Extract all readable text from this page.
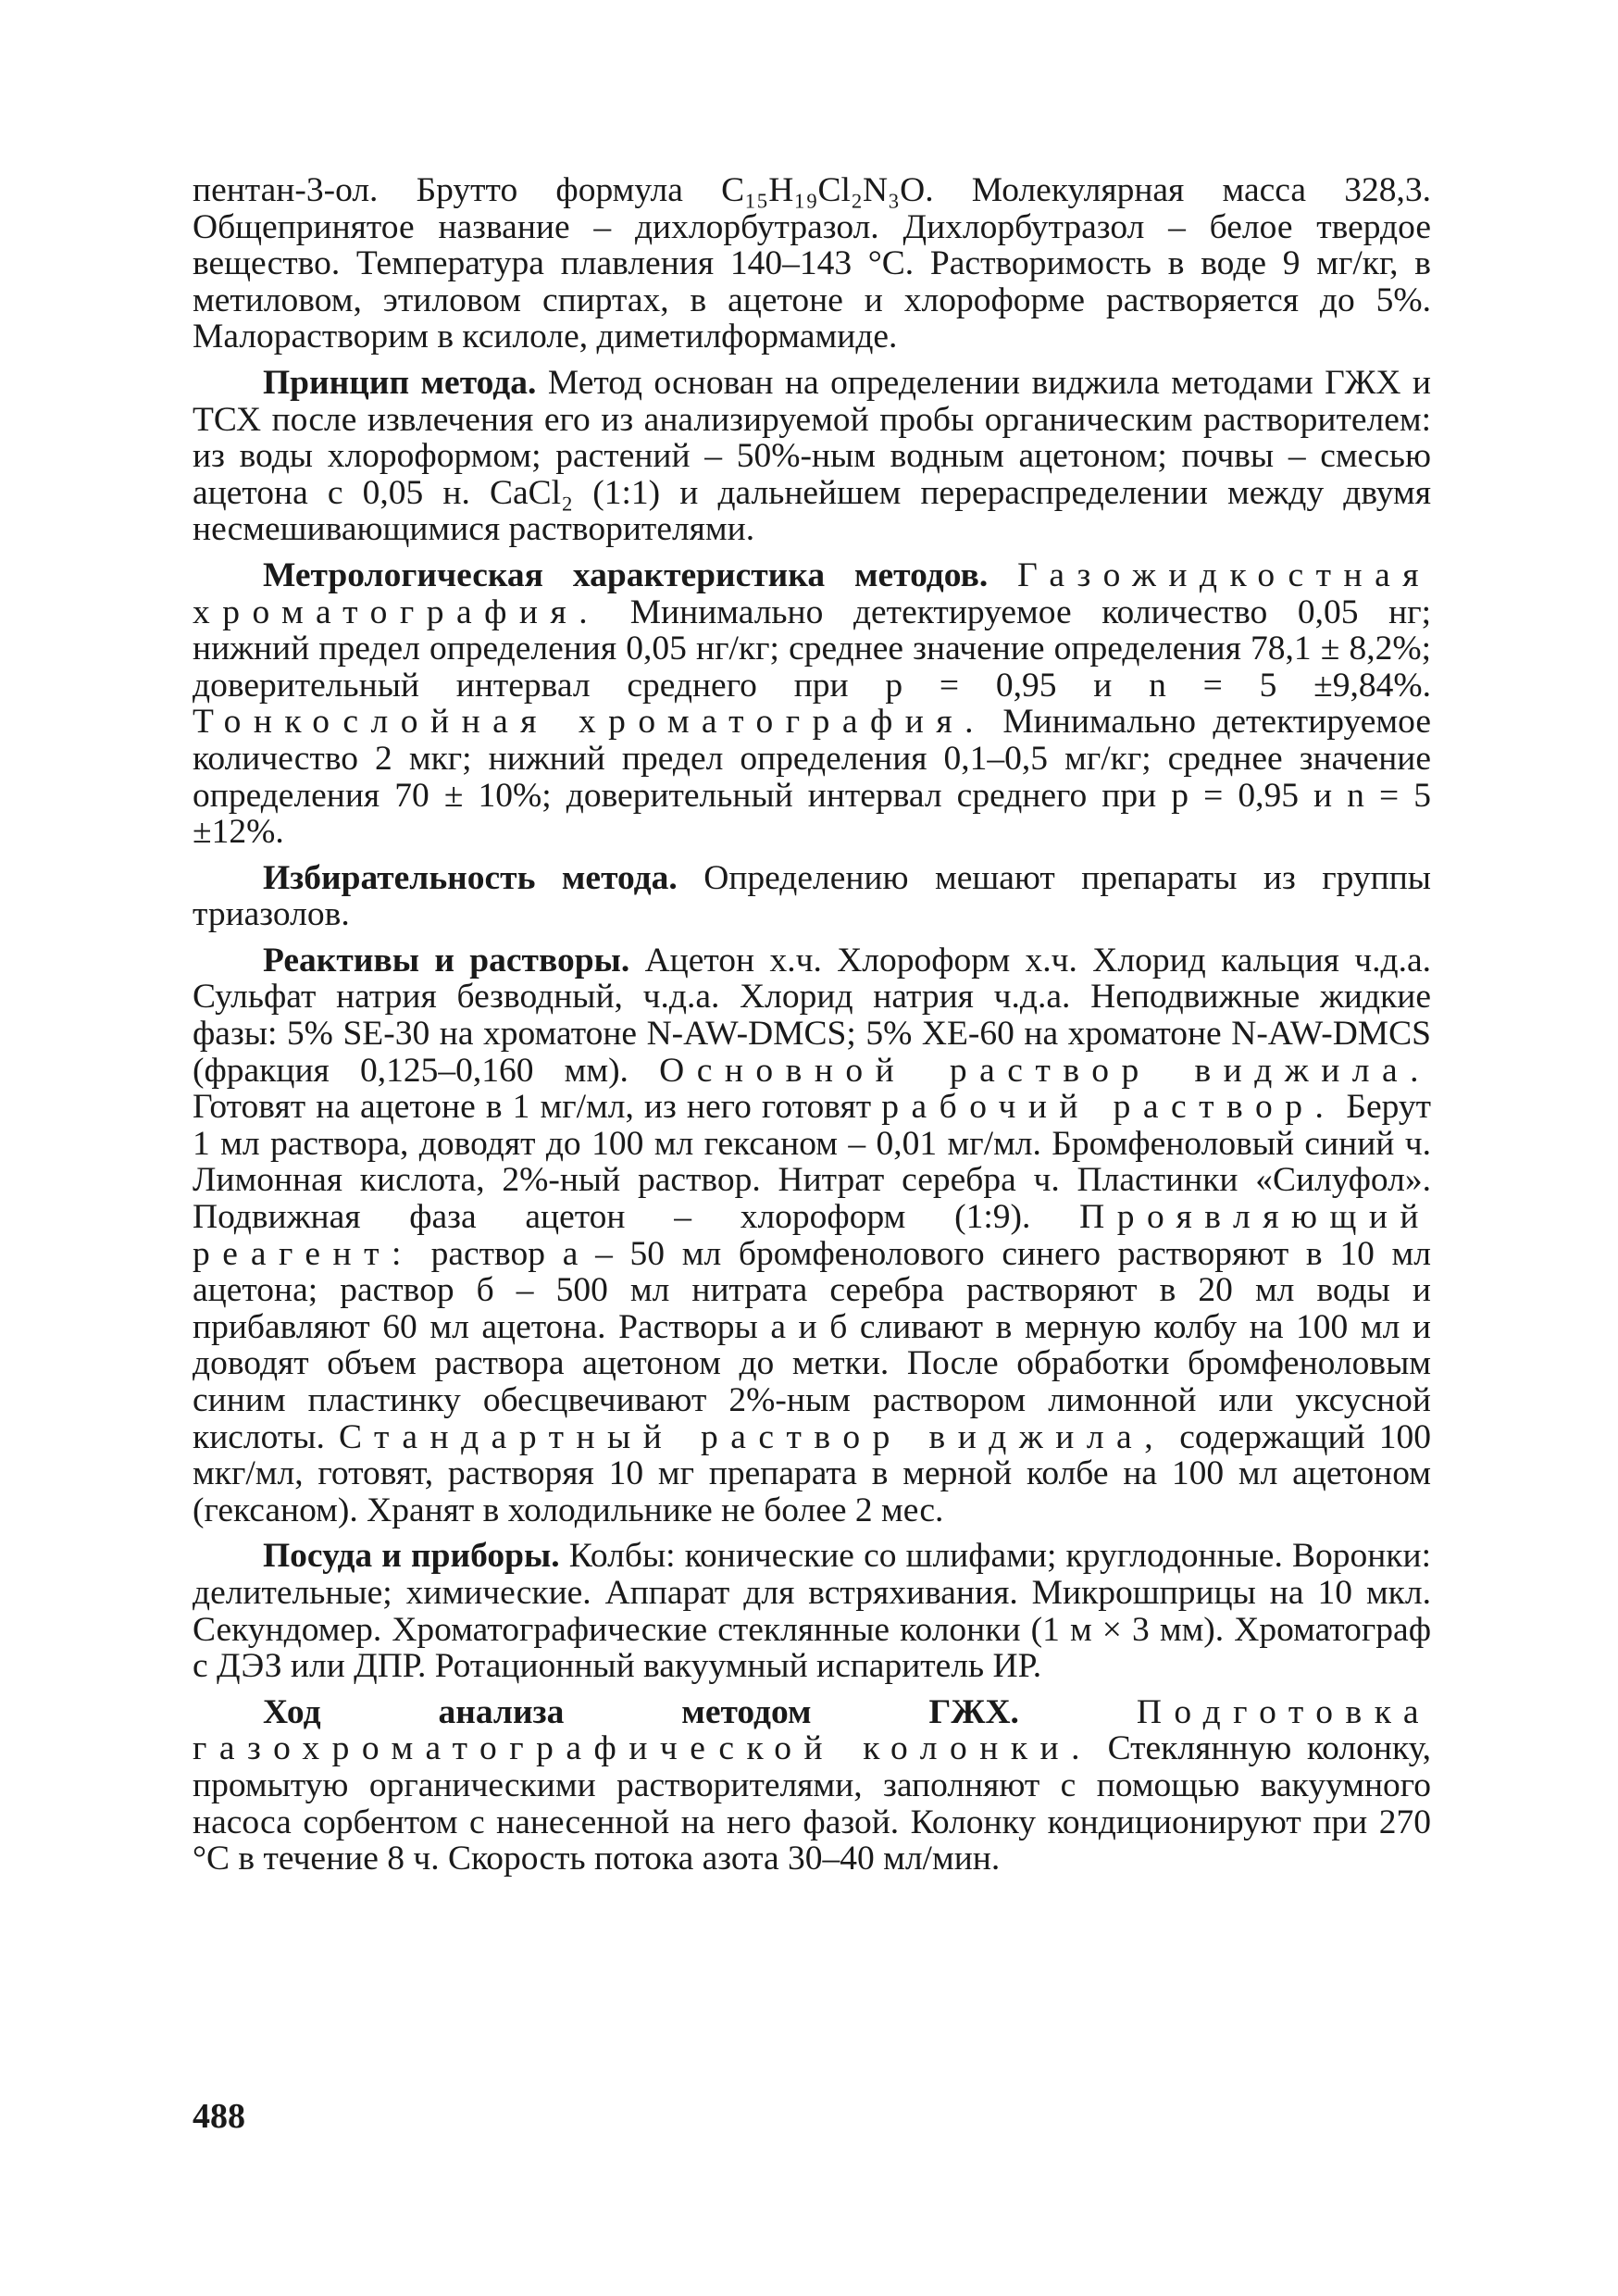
пентан-3-ол. Брутто формула C₁₅H₁₉Cl₂N₃O. Молекулярная масса 328,3. Общепринятое название – дихлорбутразол. Дихлорбутразол – белое твердое вещество. Температура плавления 140–143 °C. Растворимость в воде 9 мг/кг, в метиловом, этиловом спиртах, в ацетоне и хлороформе растворяется до 5%. Малорастворим в ксилоле, диметилформамиде.

Принцип метода. Метод основан на определении виджила методами ГЖХ и ТСХ после извлечения его из анализируемой пробы органическим растворителем: из воды хлороформом; растений – 50%-ным водным ацетоном; почвы – смесью ацетона с 0,05 н. CaCl₂ (1:1) и дальнейшем перераспределении между двумя несмешивающимися растворителями.

Метрологическая характеристика методов. Газожидкостная хроматография. Минимально детектируемое количество 0,05 нг; нижний предел определения 0,05 нг/кг; среднее значение определения 78,1 ± 8,2%; доверительный интервал среднего при p = 0,95 и n = 5 ±9,84%. Тонкослойная хроматография. Минимально детектируемое количество 2 мкг; нижний предел определения 0,1–0,5 мг/кг; среднее значение определения 70 ± 10%; доверительный интервал среднего при p = 0,95 и n = 5 ±12%.

Избирательность метода. Определению мешают препараты из группы триазолов.

Реактивы и растворы. Ацетон х.ч. Хлороформ х.ч. Хлорид кальция ч.д.а. Сульфат натрия безводный, ч.д.а. Хлорид натрия ч.д.а. Неподвижные жидкие фазы: 5% SE-30 на хроматоне N-AW-DMCS; 5% XE-60 на хроматоне N-AW-DMCS (фракция 0,125–0,160 мм). Основной раствор виджила. Готовят на ацетоне в 1 мг/мл, из него готовят рабочий раствор. Берут 1 мл раствора, доводят до 100 мл гексаном – 0,01 мг/мл. Бромфеноловый синий ч. Лимонная кислота, 2%-ный раствор. Нитрат серебра ч. Пластинки «Силуфол». Подвижная фаза ацетон – хлороформ (1:9). Проявляющий реагент: раствор а – 50 мл бромфенолового синего растворяют в 10 мл ацетона; раствор б – 500 мл нитрата серебра растворяют в 20 мл воды и прибавляют 60 мл ацетона. Растворы а и б сливают в мерную колбу на 100 мл и доводят объем раствора ацетоном до метки. После обработки бромфеноловым синим пластинку обесцвечивают 2%-ным раствором лимонной или уксусной кислоты. Стандартный раствор виджила, содержащий 100 мкг/мл, готовят, растворяя 10 мг препарата в мерной колбе на 100 мл ацетоном (гексаном). Хранят в холодильнике не более 2 мес.

Посуда и приборы. Колбы: конические со шлифами; круглодонные. Воронки: делительные; химические. Аппарат для встряхивания. Микрошприцы на 10 мкл. Секундомер. Хроматографические стеклянные колонки (1 м × 3 мм). Хроматограф с ДЭЗ или ДПР. Ротационный вакуумный испаритель ИР.

Ход анализа методом ГЖХ.	Подготовка газохроматографической колонки. Стеклянную колонку, промытую органическими растворителями, заполняют с помощью вакуумного насоса сорбентом с нанесенной на него фазой. Колонку кондиционируют при 270 °C в течение 8 ч. Скорость потока азота 30–40 мл/мин.

488
